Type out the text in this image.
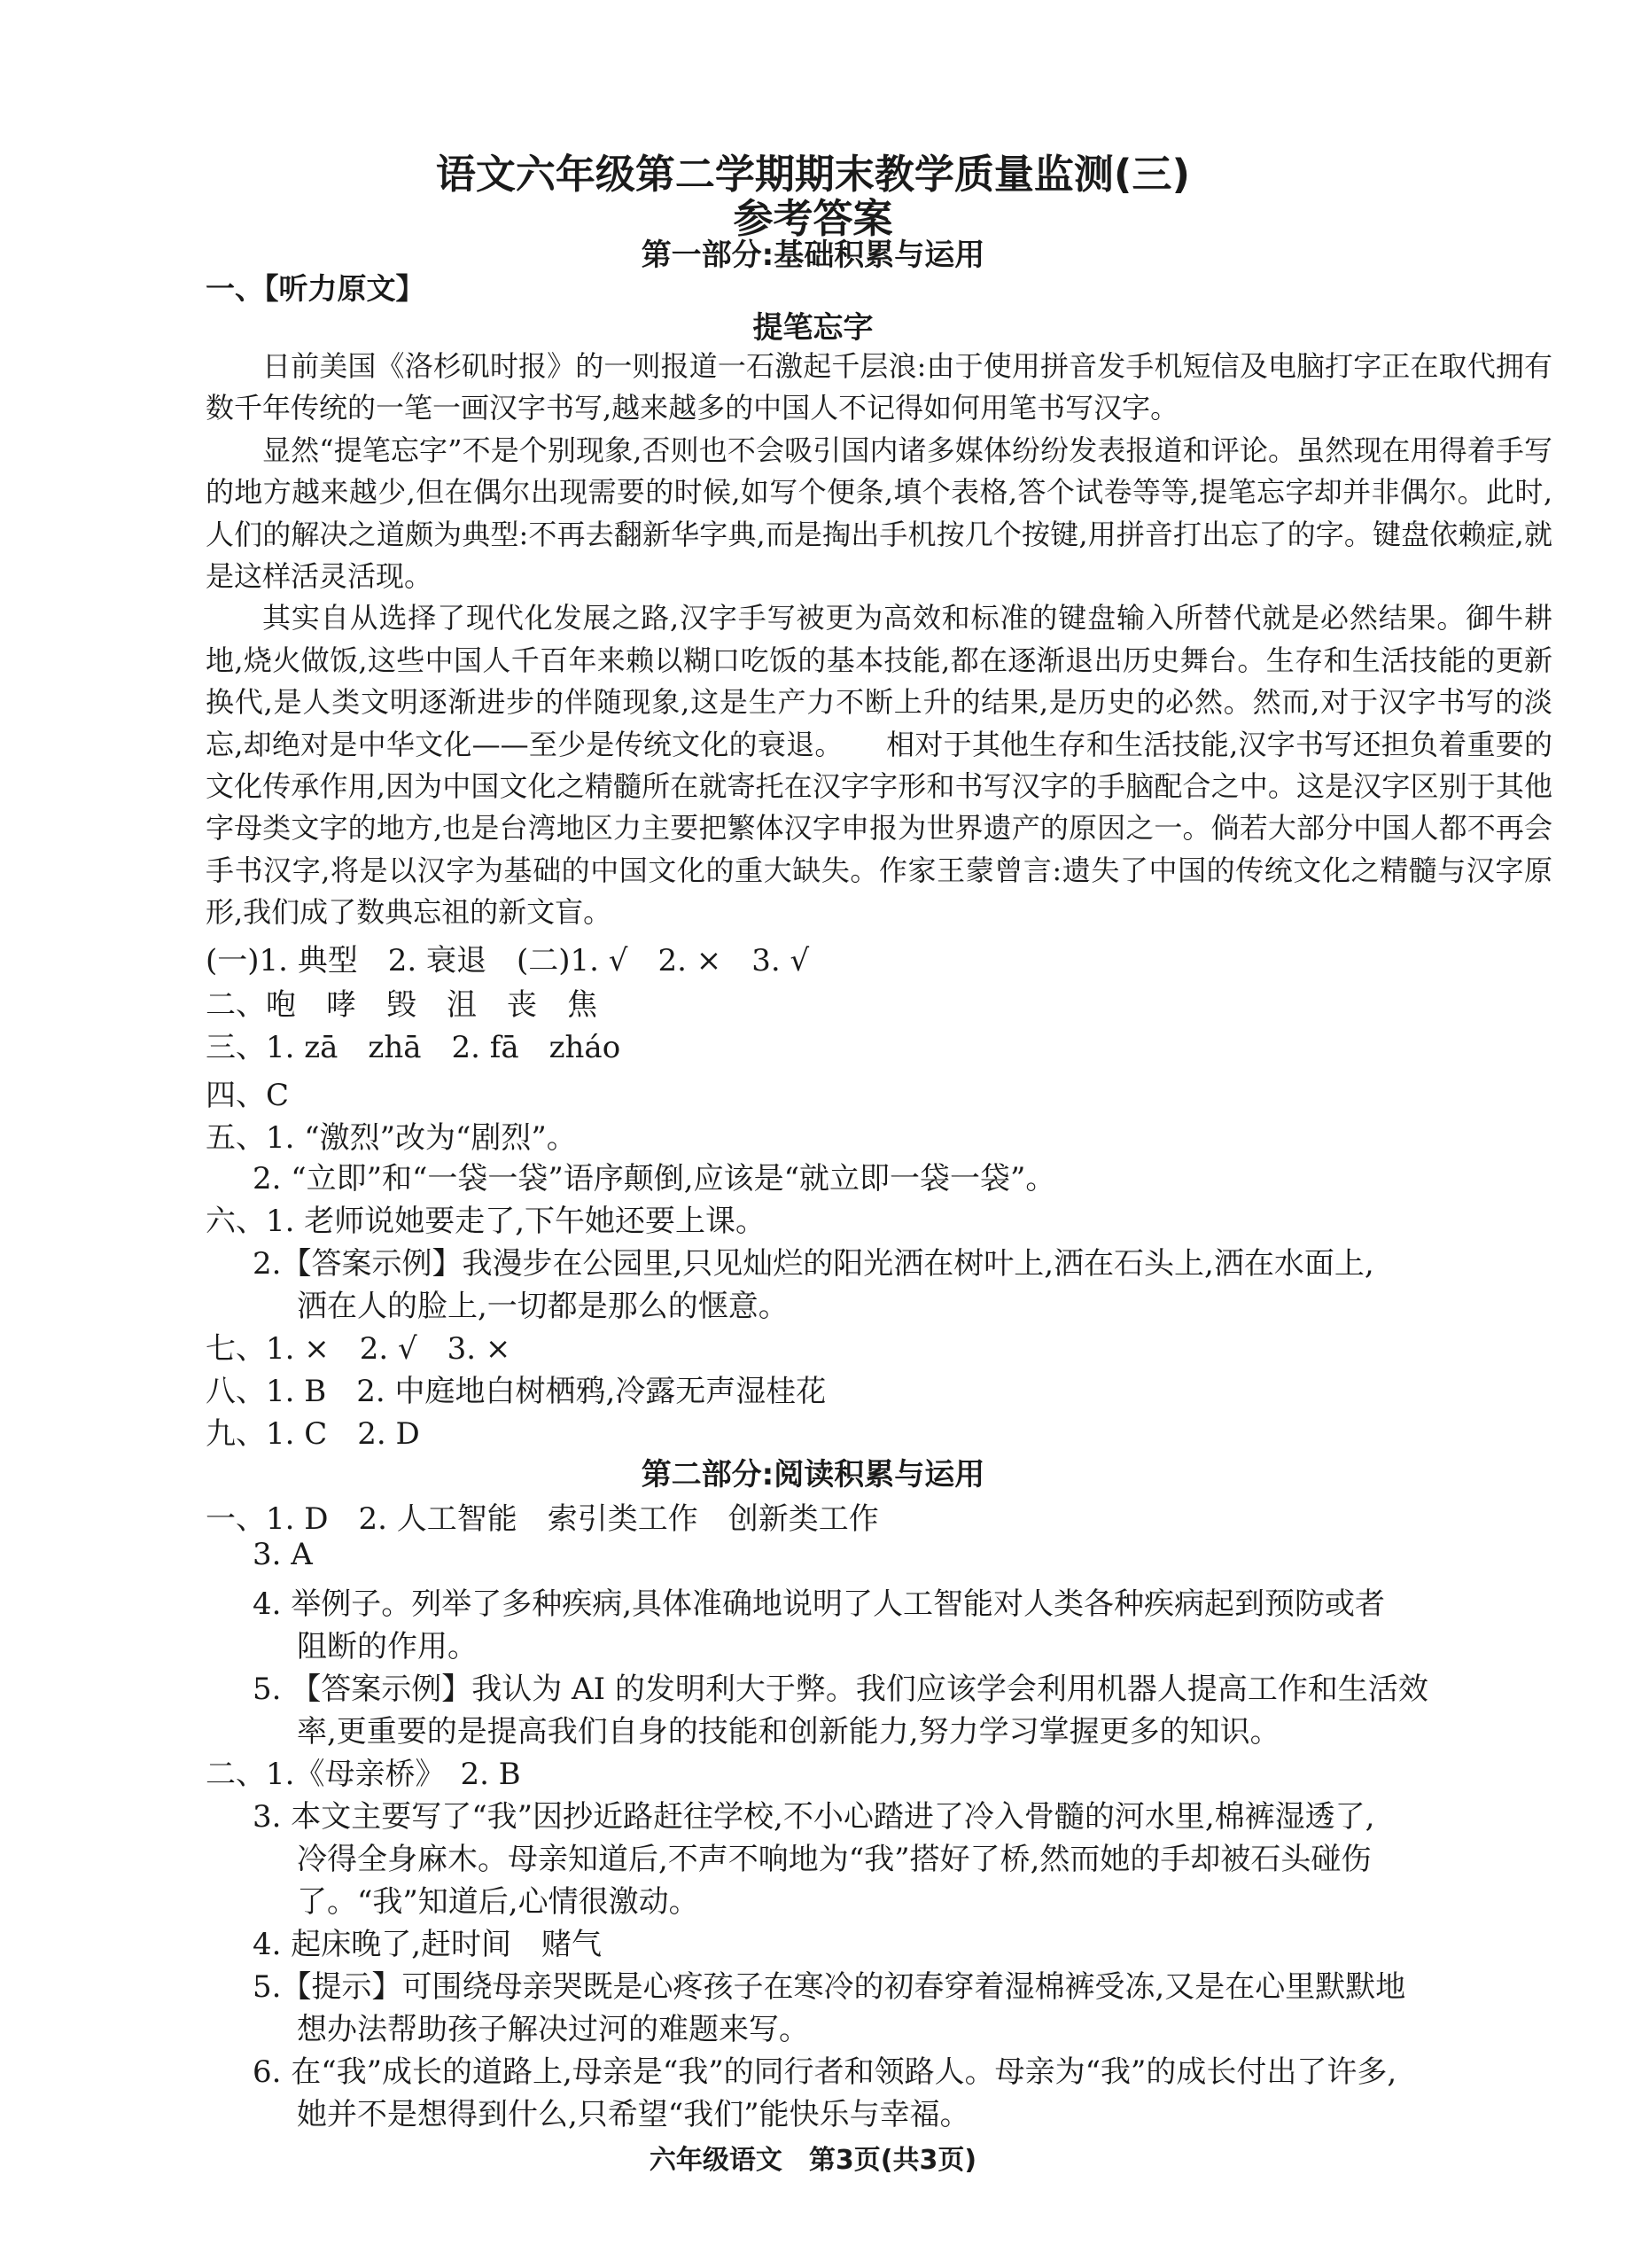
语文六年级第二学期期末教学质量监测(三)
参考答案
第一部分:基础积累与运用
一、【听力原文】
提笔忘字

日前美国《洛杉矶时报》的一则报道一石激起千层浪:由于使用拼音发手机短信及电脑打字正在取代拥有数千年传统的一笔一画汉字书写,越来越多的中国人不记得如何用笔书写汉字。

显然“提笔忘字”不是个别现象,否则也不会吸引国内诸多媒体纷纷发表报道和评论。虽然现在用得着手写的地方越来越少,但在偶尔出现需要的时候,如写个便条,填个表格,答个试卷等等,提笔忘字却并非偶尔。此时,人们的解决之道颇为典型:不再去翻新华字典,而是掏出手机按几个按键,用拼音打出忘了的字。键盘依赖症,就是这样活灵活现。

其实自从选择了现代化发展之路,汉字手写被更为高效和标准的键盘输入所替代就是必然结果。御牛耕地,烧火做饭,这些中国人千百年来赖以糊口吃饭的基本技能,都在逐渐退出历史舞台。生存和生活技能的更新换代,是人类文明逐渐进步的伴随现象,这是生产力不断上升的结果,是历史的必然。然而,对于汉字书写的淡忘,却绝对是中华文化——至少是传统文化的衰退。　　相对于其他生存和生活技能,汉字书写还担负着重要的文化传承作用,因为中国文化之精髓所在就寄托在汉字字形和书写汉字的手脑配合之中。这是汉字区别于其他字母类文字的地方,也是台湾地区力主要把繁体汉字申报为世界遗产的原因之一。倘若大部分中国人都不再会手书汉字,将是以汉字为基础的中国文化的重大缺失。作家王蒙曾言:遗失了中国的传统文化之精髓与汉字原形,我们成了数典忘祖的新文盲。

(一)1. 典型　2. 衰退　(二)1. √　2. ×　3. √
二、咆　哮　毁　沮　丧　焦
三、1. zā　zhā　2. fā　zháo
四、C
五、1. “激烈”改为“剧烈”。
2. “立即”和“一袋一袋”语序颠倒,应该是“就立即一袋一袋”。
六、1. 老师说她要走了,下午她还要上课。
2.【答案示例】我漫步在公园里,只见灿烂的阳光洒在树叶上,洒在石头上,洒在水面上,
洒在人的脸上,一切都是那么的惬意。
七、1. ×　2. √　3. ×
八、1. B　2. 中庭地白树栖鸦,冷露无声湿桂花
九、1. C　2. D
第二部分:阅读积累与运用
一、1. D　2. 人工智能　索引类工作　创新类工作
3. A
4. 举例子。列举了多种疾病,具体准确地说明了人工智能对人类各种疾病起到预防或者
阻断的作用。
5. 【答案示例】我认为 AI 的发明利大于弊。我们应该学会利用机器人提高工作和生活效
率,更重要的是提高我们自身的技能和创新能力,努力学习掌握更多的知识。
二、1.《母亲桥》　2. B
3. 本文主要写了“我”因抄近路赶往学校,不小心踏进了冷入骨髓的河水里,棉裤湿透了,
冷得全身麻木。母亲知道后,不声不响地为“我”搭好了桥,然而她的手却被石头碰伤
了。“我”知道后,心情很激动。
4. 起床晚了,赶时间　赌气
5.【提示】可围绕母亲哭既是心疼孩子在寒冷的初春穿着湿棉裤受冻,又是在心里默默地
想办法帮助孩子解决过河的难题来写。
6. 在“我”成长的道路上,母亲是“我”的同行者和领路人。母亲为“我”的成长付出了许多,
她并不是想得到什么,只希望“我们”能快乐与幸福。
六年级语文　第3页(共3页)
